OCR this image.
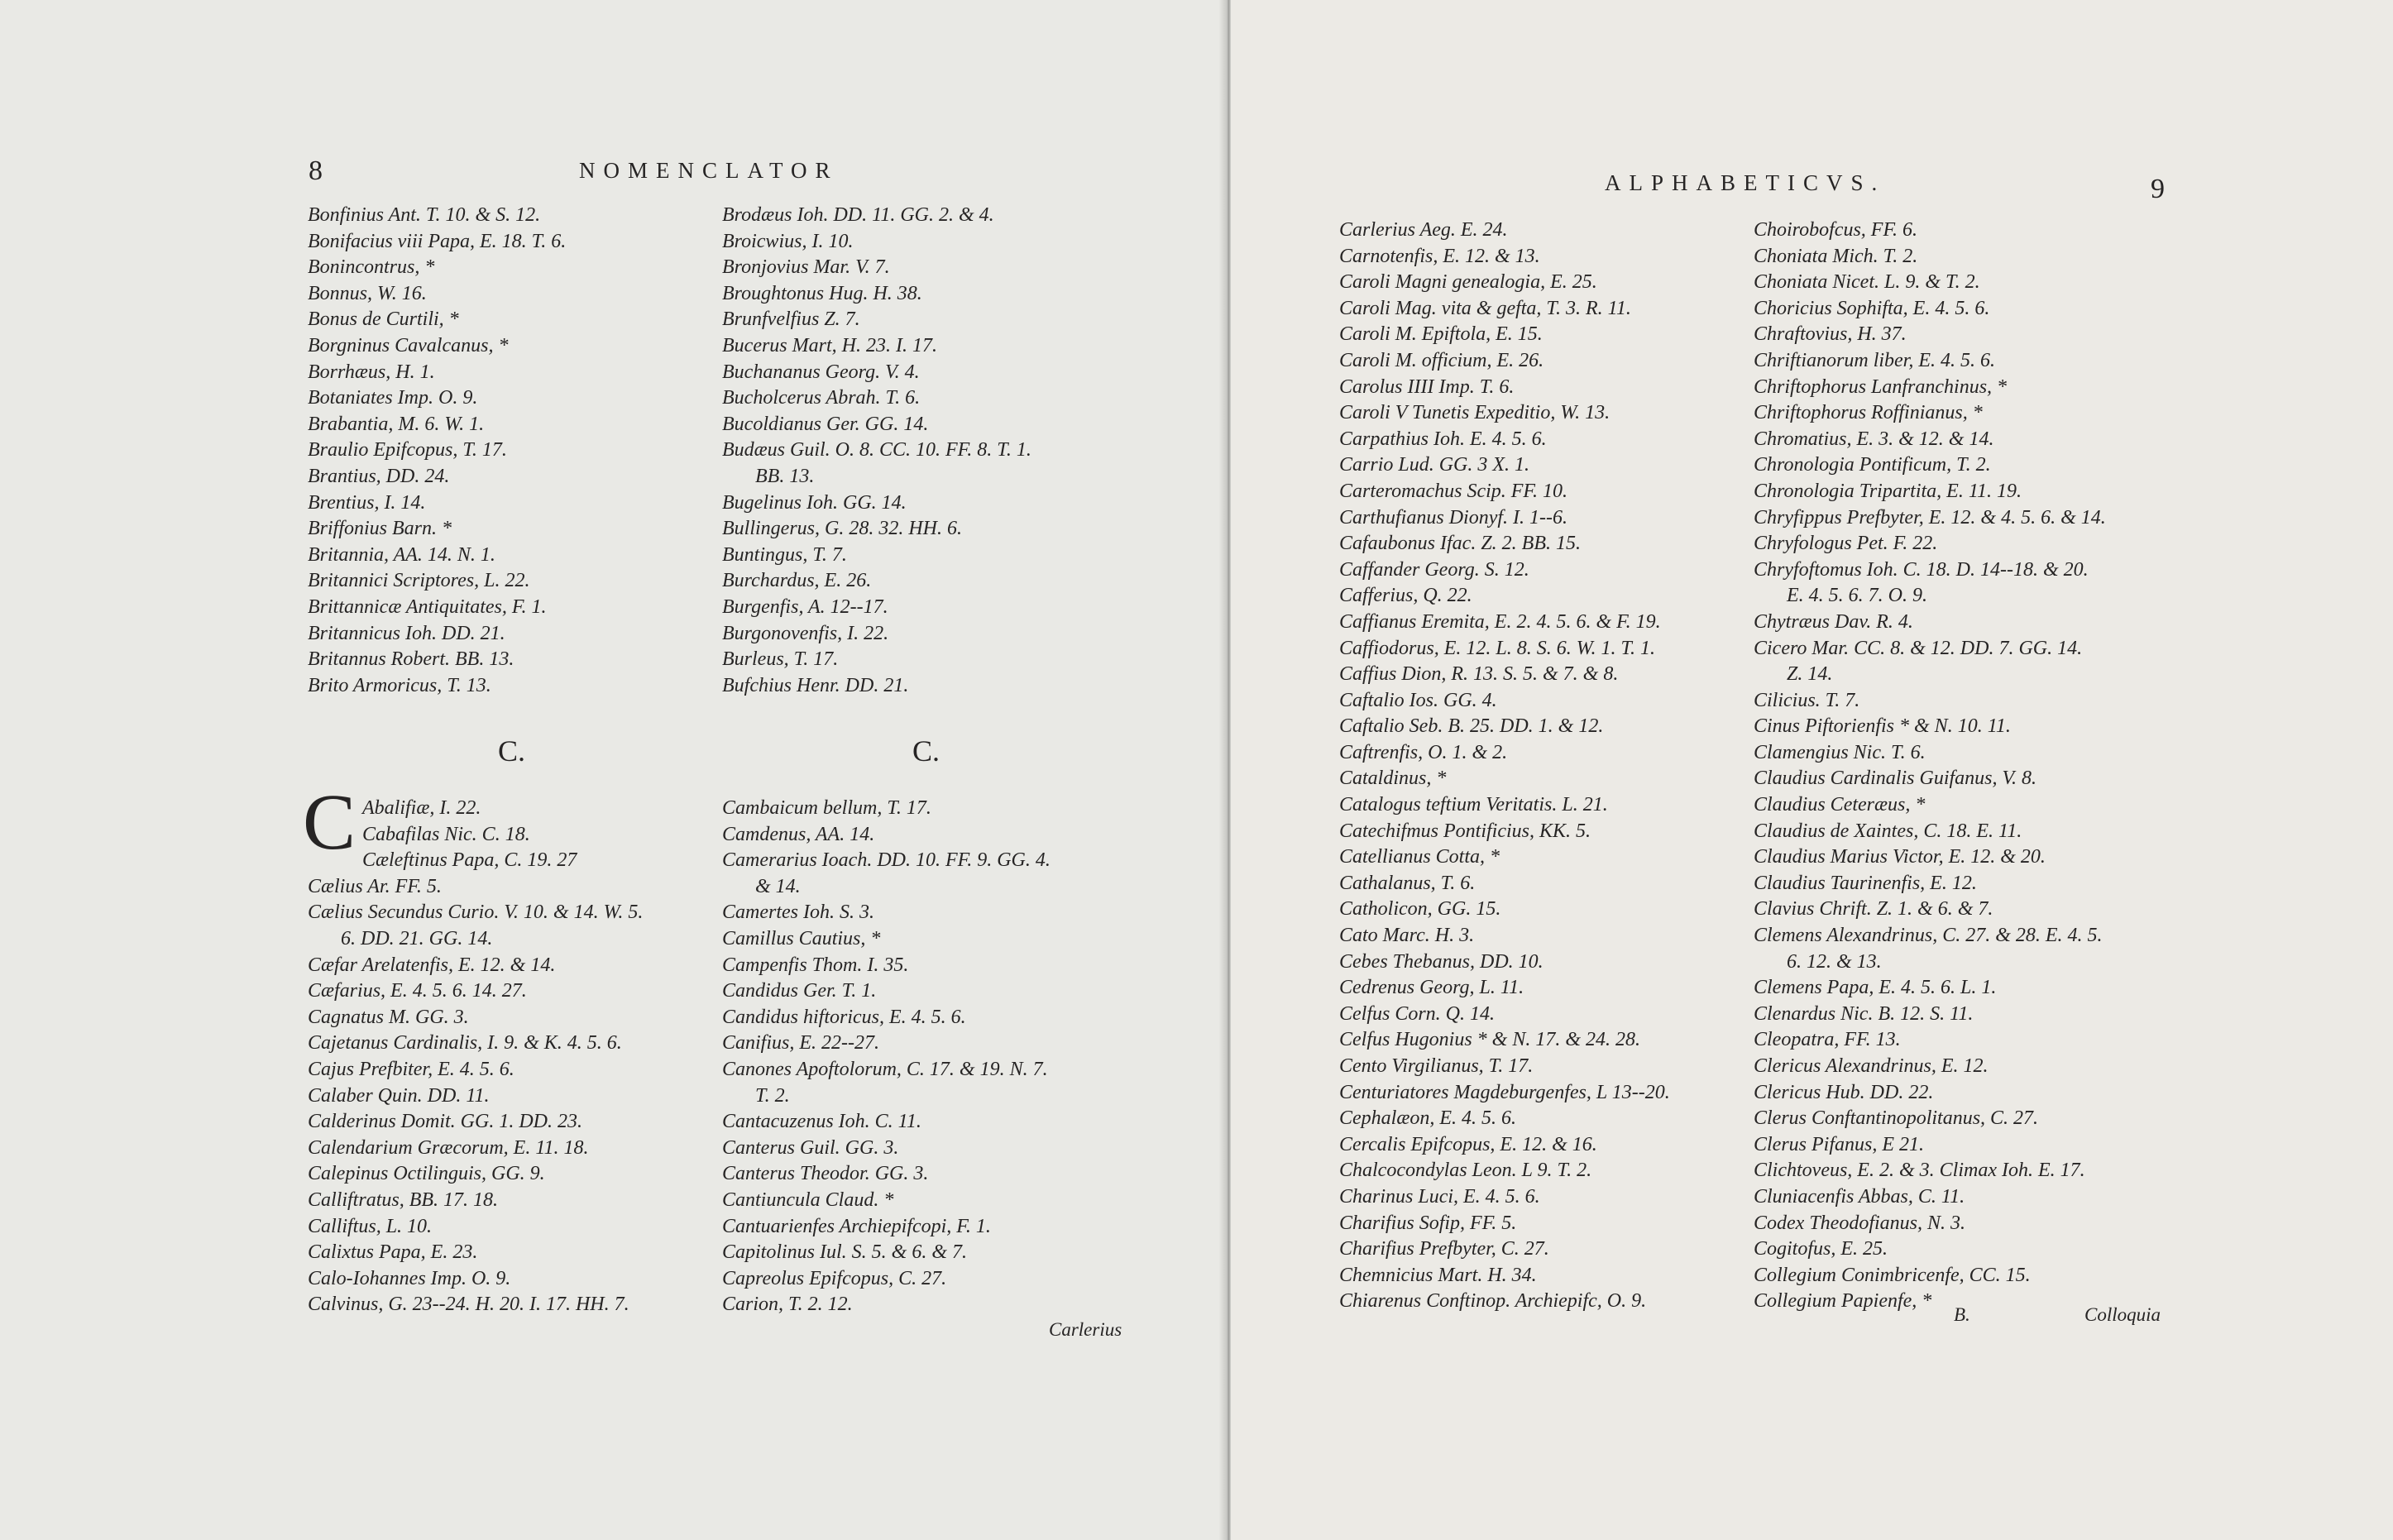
8	NOMENCLATOR
Bonfinius Ant. T. 10. & S. 12.
Bonifacius viii Papa, E. 18. T. 6.
Bonincontrus, *
Bonnus, W. 16.
Bonus de Curtili, *
Borgninus Cavalcanus, *
Borrhæus, H. 1.
Botaniates Imp. O. 9.
Brabantia, M. 6. W. 1.
Braulio Epifcopus, T. 17.
Brantius, DD. 24.
Brentius, I. 14.
Briffonius Barn. *
Britannia, AA. 14. N. 1.
Britannici Scriptores, L. 22.
Brittannicæ Antiquitates, F. 1.
Britannicus Ioh. DD. 21.
Britannus Robert. BB. 13.
Brito Armoricus, T. 13.
Brodæus Ioh. DD. 11. GG. 2. & 4.
Broicwius, I. 10.
Bronjovius Mar. V. 7.
Broughtonus Hug. H. 38.
Brunfvelfius Z. 7.
Bucerus Mart, H. 23. I. 17.
Buchananus Georg. V. 4.
Bucholcerus Abrah. T. 6.
Bucoldianus Ger. GG. 14.
Budæus Guil. O. 8. CC. 10. FF. 8. T. 1.
BB. 13.
Bugelinus Ioh. GG. 14.
Bullingerus, G. 28. 32. HH. 6.
Buntingus, T. 7.
Burchardus, E. 26.
Burgenfis, A. 12--17.
Burgonovenfis, I. 22.
Burleus, T. 17.
Bufchius Henr. DD. 21.
C.	C.
C Abalifiæ, I. 22.
Cabafilas Nic. C. 18.
Cæleftinus Papa, C. 19. 27
Cælius Ar. FF. 5.
Cælius Secundus Curio. V. 10. & 14. W. 5.
6. DD. 21. GG. 14.
Cæfar Arelatenfis, E. 12. & 14.
Cæfarius, E. 4. 5. 6. 14. 27.
Cagnatus M. GG. 3.
Cajetanus Cardinalis, I. 9. & K. 4. 5. 6.
Cajus Prefbiter, E. 4. 5. 6.
Calaber Quin. DD. 11.
Calderinus Domit. GG. 1. DD. 23.
Calendarium Græcorum, E. 11. 18.
Calepinus Octilinguis, GG. 9.
Calliftratus, BB. 17. 18.
Calliftus, L. 10.
Calixtus Papa, E. 23.
Calo-Iohannes Imp. O. 9.
Calvinus, G. 23--24. H. 20. I. 17. HH. 7.
Cambaicum bellum, T. 17.
Camdenus, AA. 14.
Camerarius Ioach. DD. 10. FF. 9. GG. 4.
& 14.
Camertes Ioh. S. 3.
Camillus Cautius, *
Campenfis Thom. I. 35.
Candidus Ger. T. 1.
Candidus hiftoricus, E. 4. 5. 6.
Canifius, E. 22--27.
Canones Apoftolorum, C. 17. & 19. N. 7.
T. 2.
Cantacuzenus Ioh. C. 11.
Canterus Guil. GG. 3.
Canterus Theodor. GG. 3.
Cantiuncula Claud. *
Cantuarienfes Archiepifcopi, F. 1.
Capitolinus Iul. S. 5. & 6. & 7.
Capreolus Epifcopus, C. 27.
Carion, T. 2. 12.
Carlerius
ALPHABETICVS.	9
Carlerius Aeg. E. 24.
Carnotenfis, E. 12. & 13.
Caroli Magni genealogia, E. 25.
Caroli Mag. vita & gefta, T. 3. R. 11.
Caroli M. Epiftola, E. 15.
Caroli M. officium, E. 26.
Carolus IIII Imp. T. 6.
Caroli V Tunetis Expeditio, W. 13.
Carpathius Ioh. E. 4. 5. 6.
Carrio Lud. GG. 3 X. 1.
Carteromachus Scip. FF. 10.
Carthufianus Dionyf. I. 1--6.
Cafaubonus Ifac. Z. 2. BB. 15.
Caffander Georg. S. 12.
Cafferius, Q. 22.
Caffianus Eremita, E. 2. 4. 5. 6. & F. 19.
Caffiodorus, E. 12. L. 8. S. 6. W. 1. T. 1.
Caffius Dion, R. 13. S. 5. & 7. & 8.
Caftalio Ios. GG. 4.
Caftalio Seb. B. 25. DD. 1. & 12.
Caftrenfis, O. 1. & 2.
Cataldinus, *
Catalogus teftium Veritatis. L. 21.
Catechifmus Pontificius, KK. 5.
Catellianus Cotta, *
Cathalanus, T. 6.
Catholicon, GG. 15.
Cato Marc. H. 3.
Cebes Thebanus, DD. 10.
Cedrenus Georg, L. 11.
Celfus Corn. Q. 14.
Celfus Hugonius * & N. 17. & 24. 28.
Cento Virgilianus, T. 17.
Centuriatores Magdeburgenfes, L 13--20.
Cephalæon, E. 4. 5. 6.
Cercalis Epifcopus, E. 12. & 16.
Chalcocondylas Leon. L 9. T. 2.
Charinus Luci, E. 4. 5. 6.
Charifius Sofip, FF. 5.
Charifius Prefbyter, C. 27.
Chemnicius Mart. H. 34.
Chiarenus Conftinop. Archiepifc, O. 9.
Choirobofcus, FF. 6.
Choniata Mich. T. 2.
Choniata Nicet. L. 9. & T. 2.
Choricius Sophifta, E. 4. 5. 6.
Chraftovius, H. 37.
Chriftianorum liber, E. 4. 5. 6.
Chriftophorus Lanfranchinus, *
Chriftophorus Roffinianus, *
Chromatius, E. 3. & 12. & 14.
Chronologia Pontificum, T. 2.
Chronologia Tripartita, E. 11. 19.
Chryfippus Prefbyter, E. 12. & 4. 5. 6. & 14.
Chryfologus Pet. F. 22.
Chryfoftomus Ioh. C. 18. D. 14--18. & 20.
E. 4. 5. 6. 7. O. 9.
Chytræus Dav. R. 4.
Cicero Mar. CC. 8. & 12. DD. 7. GG. 14.
Z. 14.
Cilicius. T. 7.
Cinus Piftorienfis * & N. 10. 11.
Clamengius Nic. T. 6.
Claudius Cardinalis Guifanus, V. 8.
Claudius Ceteræus, *
Claudius de Xaintes, C. 18. E. 11.
Claudius Marius Victor, E. 12. & 20.
Claudius Taurinenfis, E. 12.
Clavius Chrift. Z. 1. & 6. & 7.
Clemens Alexandrinus, C. 27. & 28. E. 4. 5.
6. 12. & 13.
Clemens Papa, E. 4. 5. 6. L. 1.
Clenardus Nic. B. 12. S. 11.
Cleopatra, FF. 13.
Clericus Alexandrinus, E. 12.
Clericus Hub. DD. 22.
Clerus Conftantinopolitanus, C. 27.
Clerus Pifanus, E 21.
Clichtoveus, E. 2. & 3. Climax Ioh. E. 17.
Cluniacenfis Abbas, C. 11.
Codex Theodofianus, N. 3.
Cogitofus, E. 25.
Collegium Conimbricenfe, CC. 15.
Collegium Papienfe, *
B.	Colloquia
